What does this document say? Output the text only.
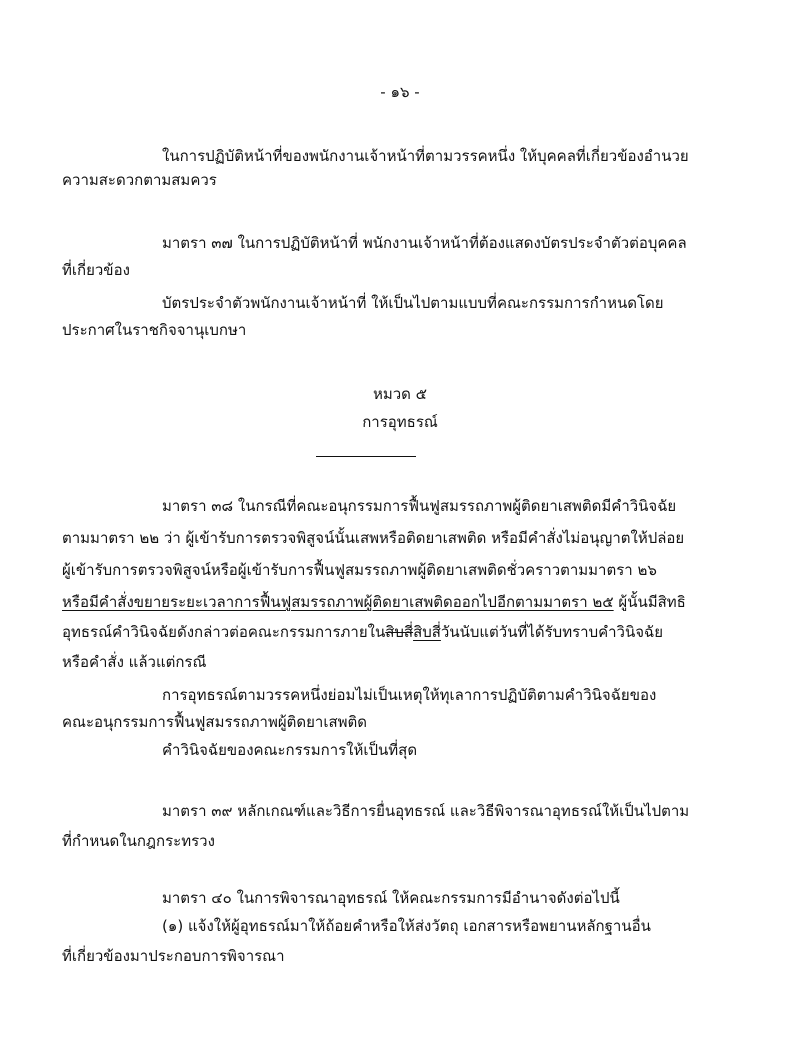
- ๑๖ -
ในการปฏิบัติหน้าที่ของพนักงานเจ้าหน้าที่ตามวรรคหนึ่ง ให้บุคคลที่เกี่ยวข้องอำนวย
ความสะดวกตามสมควร
มาตรา ๓๗ ในการปฏิบัติหน้าที่ พนักงานเจ้าหน้าที่ต้องแสดงบัตรประจำตัวต่อบุคคล
ที่เกี่ยวข้อง
บัตรประจำตัวพนักงานเจ้าหน้าที่ ให้เป็นไปตามแบบที่คณะกรรมการกำหนดโดย
ประกาศในราชกิจจานุเบกษา
หมวด ๕
การอุทธรณ์
มาตรา ๓๘ ในกรณีที่คณะอนุกรรมการฟื้นฟูสมรรถภาพผู้ติดยาเสพติดมีคำวินิจฉัย
ตามมาตรา ๒๒ ว่า ผู้เข้ารับการตรวจพิสูจน์นั้นเสพหรือติดยาเสพติด หรือมีคำสั่งไม่อนุญาตให้ปล่อย
ผู้เข้ารับการตรวจพิสูจน์หรือผู้เข้ารับการฟื้นฟูสมรรถภาพผู้ติดยาเสพติดชั่วคราวตามมาตรา ๒๖
หรือมีคำสั่งขยายระยะเวลาการฟื้นฟูสมรรถภาพผู้ติดยาเสพติดออกไปอีกตามมาตรา ๒๕ ผู้นั้นมีสิทธิ
อุทธรณ์คำวินิจฉัยดังกล่าวต่อคณะกรรมการภายในสิบสี่สิบสี่วันนับแต่วันที่ได้รับทราบคำวินิจฉัย
หรือคำสั่ง แล้วแต่กรณี
การอุทธรณ์ตามวรรคหนึ่งย่อมไม่เป็นเหตุให้ทุเลาการปฏิบัติตามคำวินิจฉัยของ
คณะอนุกรรมการฟื้นฟูสมรรถภาพผู้ติดยาเสพติด
คำวินิจฉัยของคณะกรรมการให้เป็นที่สุด
มาตรา ๓๙ หลักเกณฑ์และวิธีการยื่นอุทธรณ์ และวิธีพิจารณาอุทธรณ์ให้เป็นไปตาม
ที่กำหนดในกฎกระทรวง
มาตรา ๔๐ ในการพิจารณาอุทธรณ์ ให้คณะกรรมการมีอำนาจดังต่อไปนี้
(๑) แจ้งให้ผู้อุทธรณ์มาให้ถ้อยคำหรือให้ส่งวัตถุ เอกสารหรือพยานหลักฐานอื่น
ที่เกี่ยวข้องมาประกอบการพิจารณา
